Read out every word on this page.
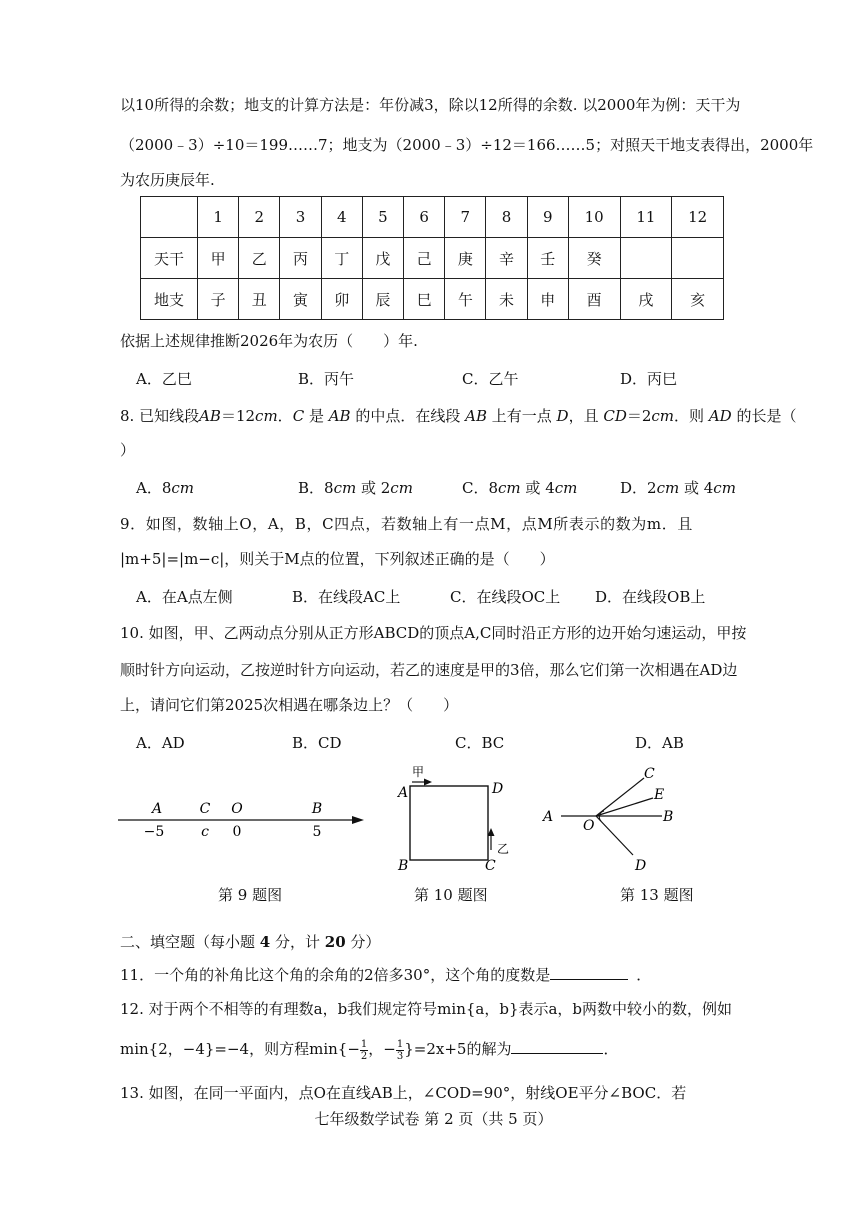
以10所得的余数；地支的计算方法是：年份减3，除以12所得的余数. 以2000年为例：天干为
（2000﹣3）÷10＝199……7；地支为（2000﹣3）÷12＝166……5；对照天干地支表得出，2000年
为农历庚辰年.
	1	2	3	4	5	6	7	8	9	10	11	12
天干	甲	乙	丙	丁	戊	己	庚	辛	壬	癸		
地支	子	丑	寅	卯	辰	巳	午	未	申	酉	戌	亥
依据上述规律推断2026年为农历（　　）年.
A．乙巳	B．丙午	C．乙午	D．丙巳
8. 已知线段AB＝12cm．C 是 AB 的中点．在线段 AB 上有一点 D，且 CD＝2cm．则 AD 的长是（
）
A．8cm	B．8cm 或 2cm	C．8cm 或 4cm	D．2cm 或 4cm
9．如图，数轴上O，A，B，C四点，若数轴上有一点M，点M所表示的数为m．且
|m+5|=|m−c|，则关于M点的位置，下列叙述正确的是（　　）
A．在A点左侧	B．在线段AC上	C．在线段OC上 D．在线段OB上
10. 如图，甲、乙两动点分别从正方形ABCD的顶点A,C同时沿正方形的边开始匀速运动，甲按
顺时针方向运动，乙按逆时针方向运动，若乙的速度是甲的3倍，那么它们第一次相遇在AD边
上，请问它们第2025次相遇在哪条边上？（　　）
A．AD	B．CD	C．BC	D．AB
A	C O	B
−5	c 0	5
第 9 题图
A	D
B	C
甲
乙
第 10 题图
C
E
A
O
B
D
第 13 题图
二、填空题（每小题 4 分，计 20 分）
11．一个角的补角比这个角的余角的2倍多30°，这个角的度数是	．
12. 对于两个不相等的有理数a，b我们规定符号min{a，b}表示a，b两数中较小的数，例如
min{2，−4}=−4，则方程$\min\{- \frac{1}{2}$ ，− $\frac{1}{3} \}=2x+5$的解为	．
13. 如图，在同一平面内，点O在直线AB上，∠COD=90°，射线OE平分∠BOC．若
七年级数学试卷 第 2 页（共 5 页）
